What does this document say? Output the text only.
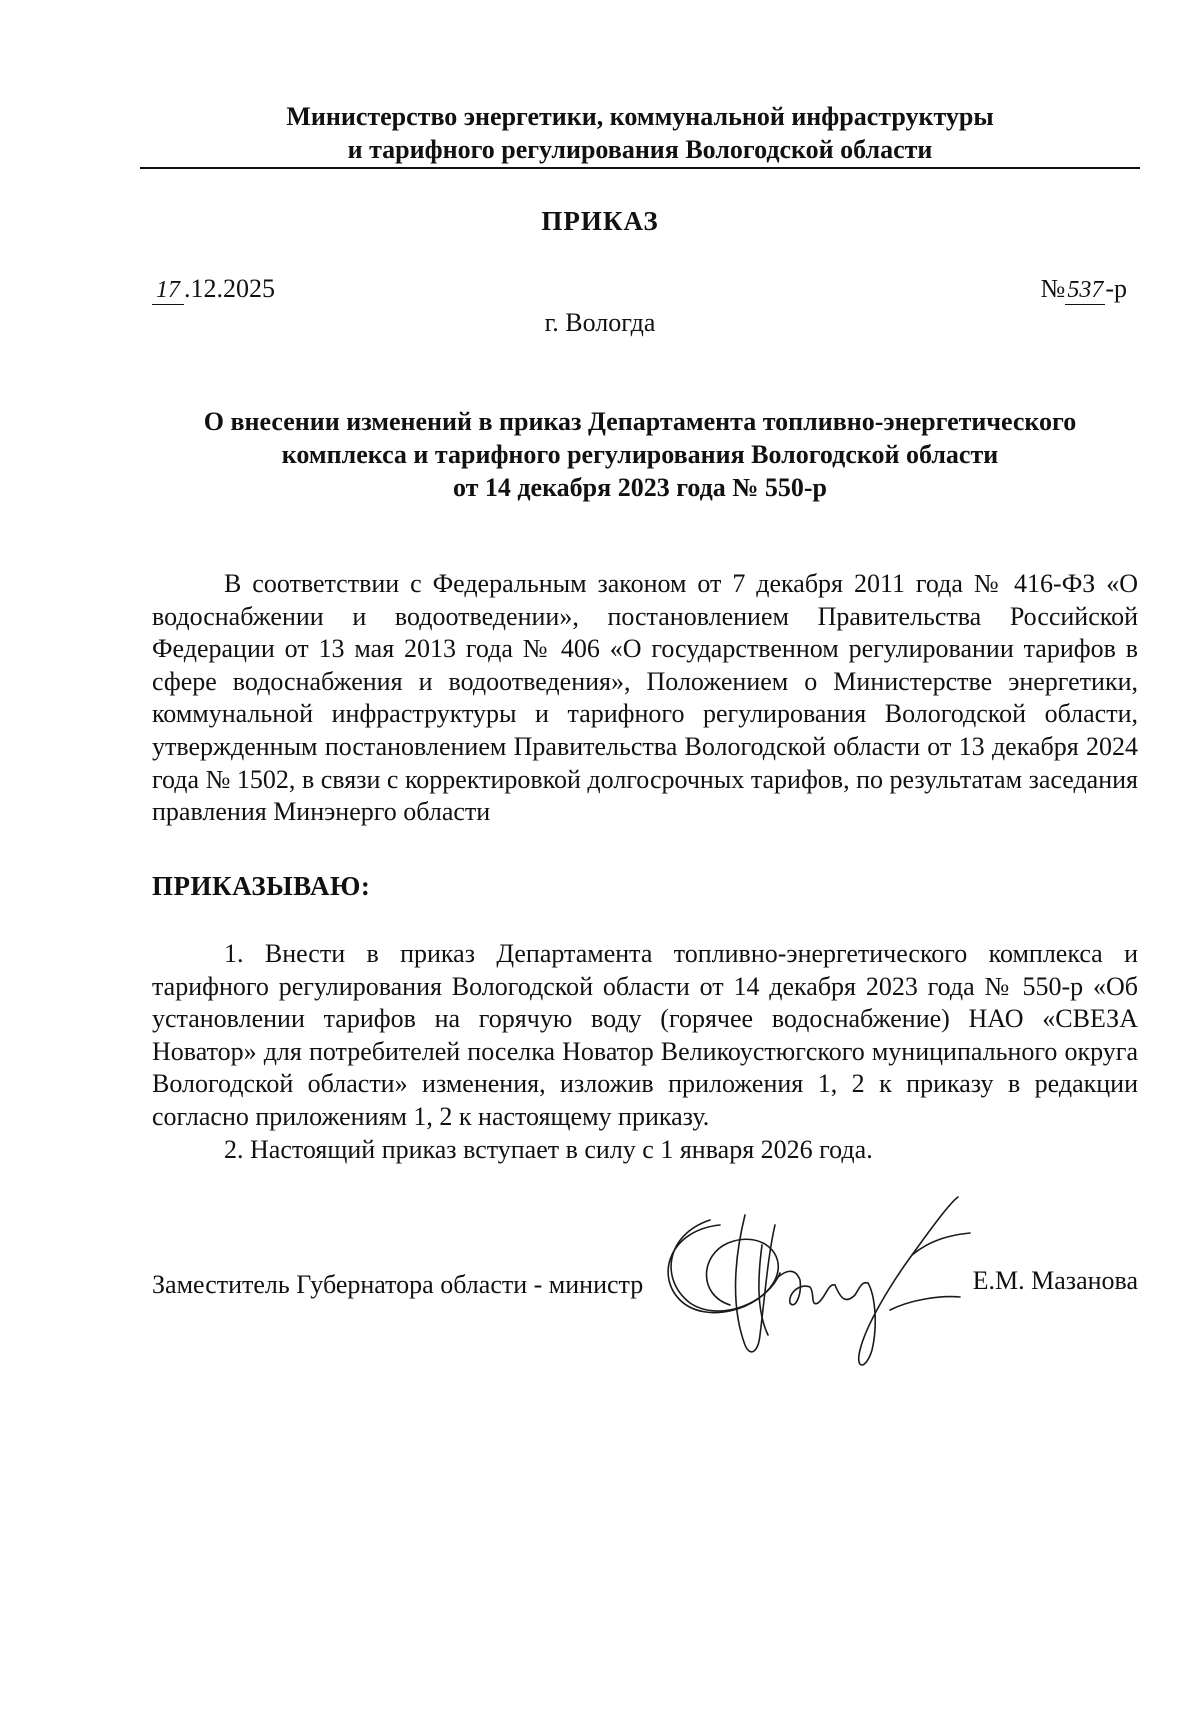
Министерство энергетики, коммунальной инфраструктуры
и тарифного регулирования Вологодской области
ПРИКАЗ
17 .12.2025	№537-р
г. Вологда
О внесении изменений в приказ Департамента топливно-энергетического
комплекса и тарифного регулирования Вологодской области
от 14 декабря 2023 года № 550-р

В соответствии с Федеральным законом от 7 декабря 2011 года № 416-ФЗ «О водоснабжении и водоотведении», постановлением Правительства Российской Федерации от 13 мая 2013 года № 406 «О государственном регулировании тарифов в сфере водоснабжения и водоотведения», Положением о Министерстве энергетики, коммунальной инфраструктуры и тарифного регулирования Вологодской области, утвержденным постановлением Правительства Вологодской области от 13 декабря 2024 года № 1502, в связи с корректировкой долгосрочных тарифов, по результатам заседания правления Минэнерго области

ПРИКАЗЫВАЮ:

1. Внести в приказ Департамента топливно-энергетического комплекса и тарифного регулирования Вологодской области от 14 декабря 2023 года № 550-р «Об установлении тарифов на горячую воду (горячее водоснабжение) НАО «СВЕЗА Новатор» для потребителей поселка Новатор Великоустюгского муниципального округа Вологодской области» изменения, изложив приложения 1, 2 к приказу в редакции согласно приложениям 1, 2 к настоящему приказу.

2. Настоящий приказ вступает в силу с 1 января 2026 года.

Заместитель Губернатора области - министр	Е.М. Мазанова
